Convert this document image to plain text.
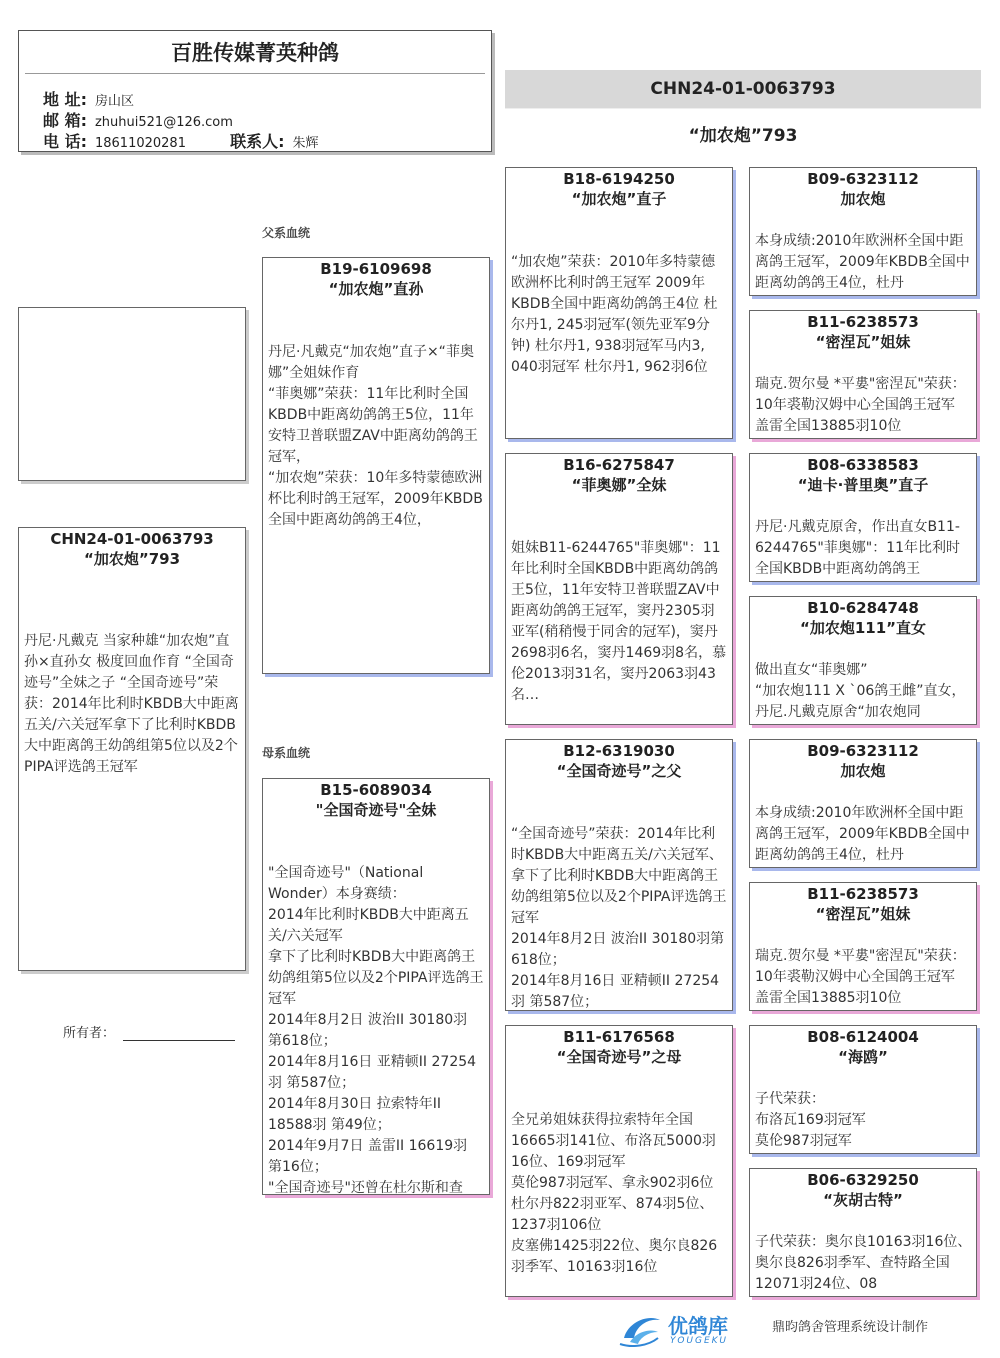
百胜传媒菁英种鸽
地 址: 房山区
邮 箱: zhuhui521@126.com
电 话: 18611020281	联系人: 朱辉
CHN24-01-0063793
“加农炮”793
CHN24-01-0063793
“加农炮”793
丹尼·凡戴克 当家种雄“加农炮”直孙×直孙女 极度回血作育 “全国奇迹号”全妹之子 “全国奇迹号”荣获：2014年比利时KBDB大中距离五关/六关冠军拿下了比利时KBDB大中距离鸽王幼鸽组第5位以及2个PIPA评选鸽王冠军
所有者：
父系血统
母系血统
B19-6109698
“加农炮”直孙
丹尼·凡戴克“加农炮”直子×“菲奥娜”全姐妹作育
“菲奥娜”荣获：11年比利时全国KBDB中距离幼鸽鸽王5位，11年安特卫普联盟ZAV中距离幼鸽鸽王冠军，
“加农炮”荣获：10年多特蒙德欧洲杯比利时鸽王冠军，2009年KBDB全国中距离幼鸽鸽王4位，
B15-6089034
"全国奇迹号"全妹
"全国奇迹号"（National Wonder）本身赛绩：
2014年比利时KBDB大中距离五关/六关冠军
拿下了比利时KBDB大中距离鸽王幼鸽组第5位以及2个PIPA评选鸽王冠军
2014年8月2日 波治II 30180羽 第618位；
2014年8月16日 亚精顿II 27254羽 第587位；
2014年8月30日 拉索特年II 18588羽 第49位；
2014年9月7日 盖雷II 16619羽 第16位；
"全国奇迹号"还曾在杜尔斯和查
B18-6194250
“加农炮”直子
“加农炮”荣获：2010年多特蒙德欧洲杯比利时鸽王冠军 2009年KBDB全国中距离幼鸽鸽王4位 杜尔丹1, 245羽冠军(领先亚军9分钟) 杜尔丹1, 938羽冠军马内3, 040羽冠军 杜尔丹1, 962羽6位
B16-6275847
“菲奥娜”全妹
姐妹B11-6244765"菲奥娜"：11年比利时全国KBDB中距离幼鸽鸽王5位，11年安特卫普联盟ZAV中距离幼鸽鸽王冠军，窦丹2305羽亚军(稍稍慢于同舍的冠军)，窦丹2698羽6名，窦丹1469羽8名，慕伦2013羽31名，窦丹2063羽43名…
B12-6319030
“全国奇迹号”之父
“全国奇迹号”荣获：2014年比利时KBDB大中距离五关/六关冠军、拿下了比利时KBDB大中距离鸽王幼鸽组第5位以及2个PIPA评选鸽王冠军
2014年8月2日 波治II 30180羽第618位；
2014年8月16日 亚精顿II 27254羽 第587位；
B11-6176568
“全国奇迹号”之母
全兄弟姐妹获得拉索特年全国16665羽141位、布洛瓦5000羽16位、169羽冠军
莫伦987羽冠军、拿永902羽6位
杜尔丹822羽亚军、874羽5位、1237羽106位
皮塞佛1425羽22位、奥尔良826羽季军、10163羽16位
B09-6323112
加农炮
本身成绩:2010年欧洲杯全国中距离鸽王冠军，2009年KBDB全国中距离幼鸽鸽王4位，杜丹
B11-6238573
“密涅瓦”姐妹
瑞克.贺尔曼 *平婁"密涅瓦"荣获：10年裘勒汉姆中心全国鸽王冠军 盖雷全国13885羽10位
B08-6338583
“迪卡·普里奥”直子
丹尼·凡戴克原舍，作出直女B11-6244765"菲奥娜"：11年比利时全国KBDB中距离幼鸽鸽王
B10-6284748
“加农炮111”直女
做出直女“菲奥娜”
“加农炮111 X `06鸽王雌”直女，丹尼.凡戴克原舍“加农炮同
B09-6323112
加农炮
本身成绩:2010年欧洲杯全国中距离鸽王冠军，2009年KBDB全国中距离幼鸽鸽王4位，杜丹
B11-6238573
“密涅瓦”姐妹
瑞克.贺尔曼 *平婁"密涅瓦"荣获：10年裘勒汉姆中心全国鸽王冠军 盖雷全国13885羽10位
B08-6124004
“海鸥”
子代荣获：
布洛瓦169羽冠军
莫伦987羽冠军
B06-6329250
“灰胡古特”
子代荣获：奥尔良10163羽16位、奥尔良826羽季军、查特路全国12071羽24位、08
优鸽库
YOUGEKU
鼎昀鸽舍管理系统设计制作
